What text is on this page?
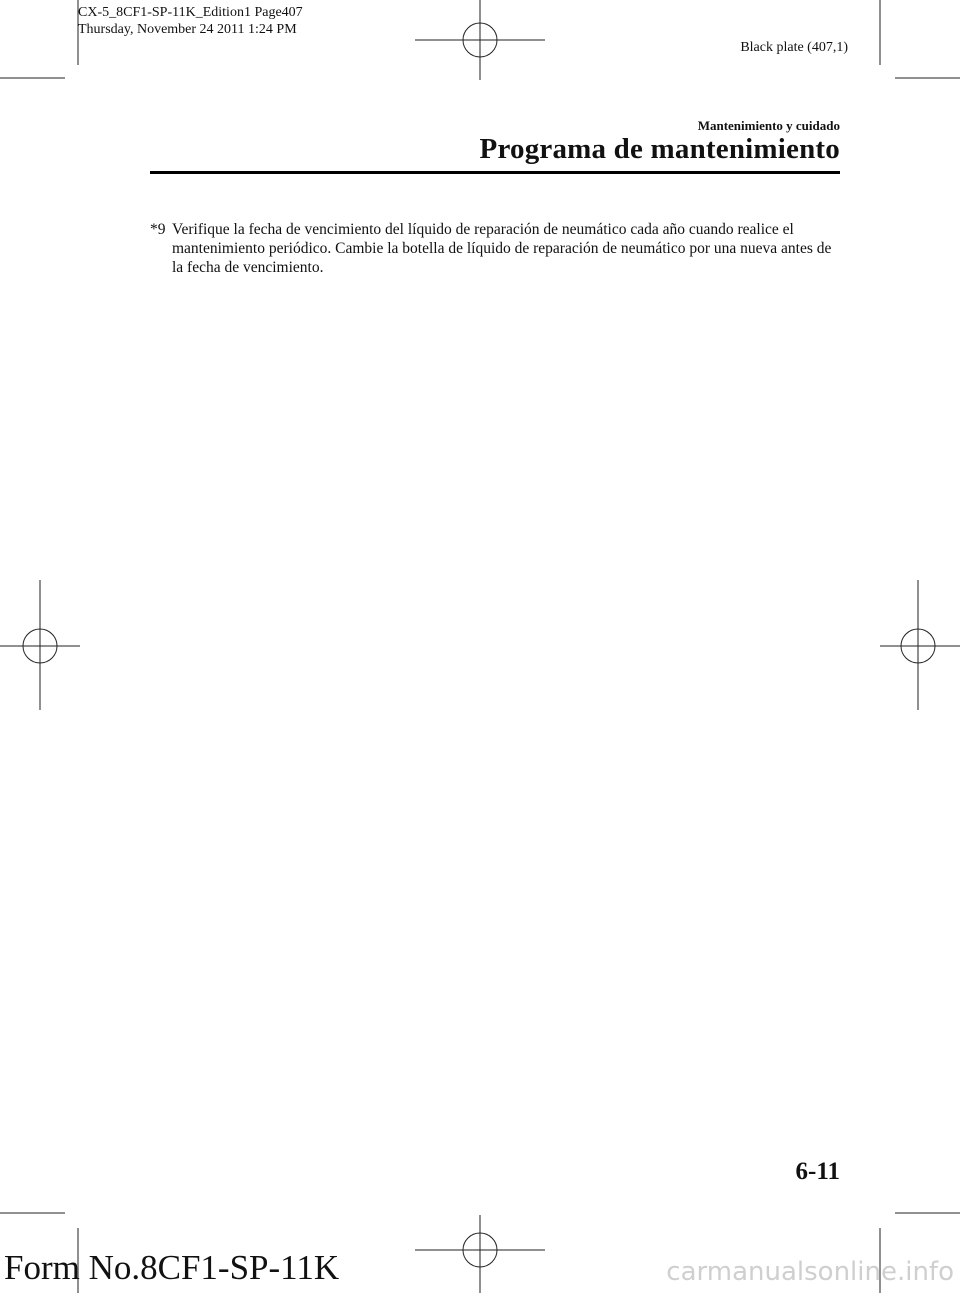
CX-5_8CF1-SP-11K_Edition1 Page407
Thursday, November 24 2011 1:24 PM
Black plate (407,1)
Mantenimiento y cuidado
Programa de mantenimiento
*9 Verifique la fecha de vencimiento del líquido de reparación de neumático cada año cuando realice el mantenimiento periódico. Cambie la botella de líquido de reparación de neumático por una nueva antes de la fecha de vencimiento.
6-11
Form No.8CF1-SP-11K	carmanualsonline.info
